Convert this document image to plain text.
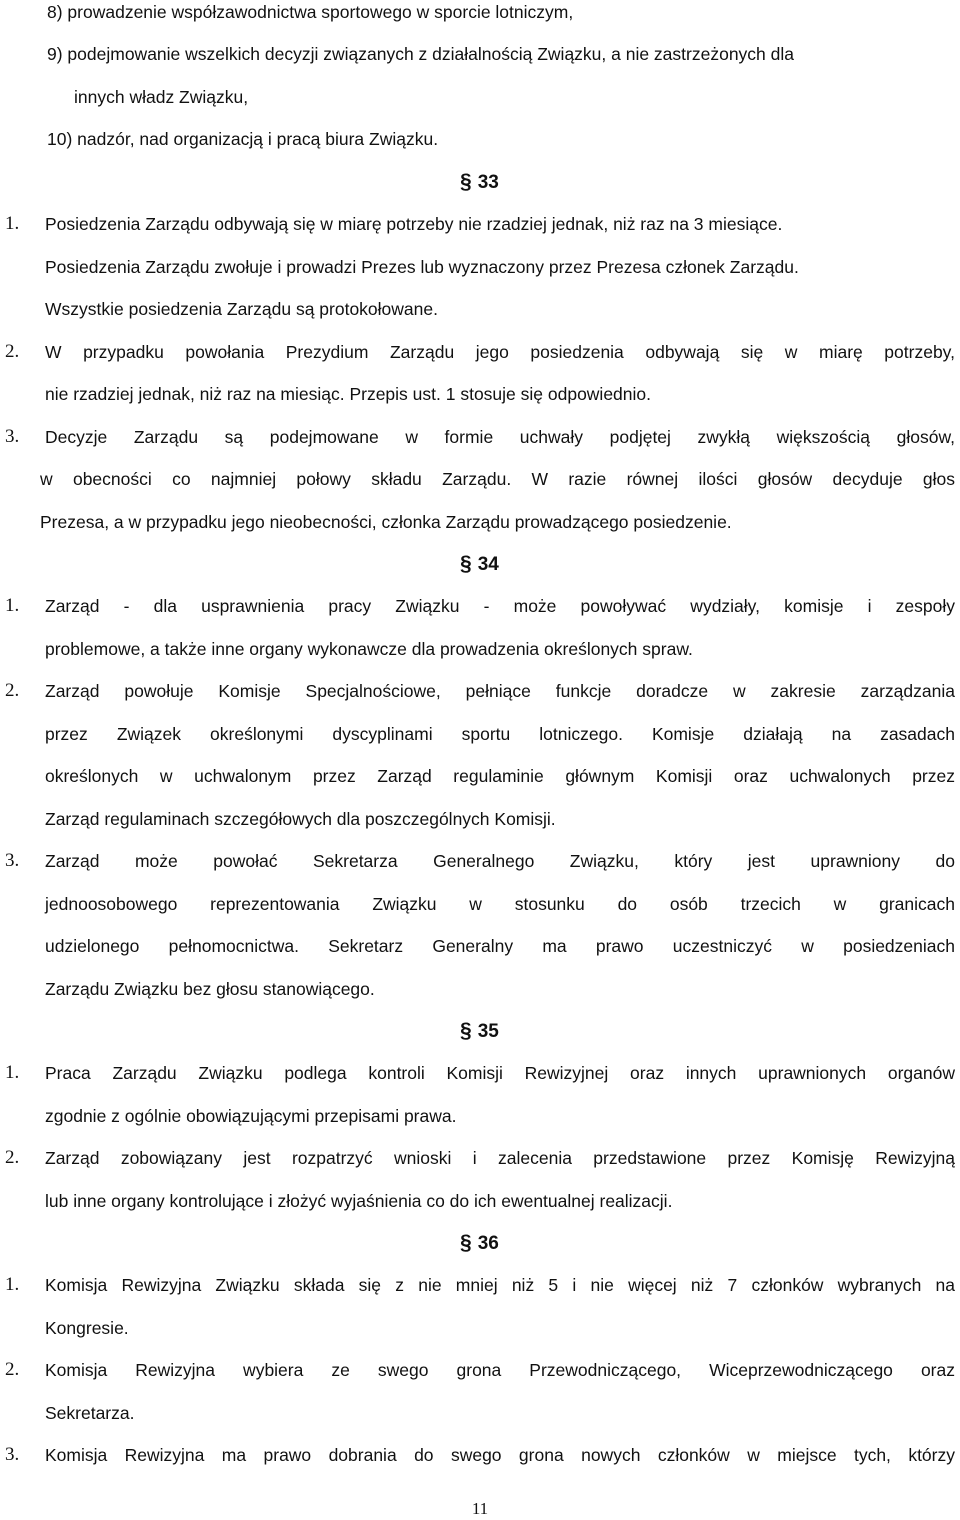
8) prowadzenie współzawodnictwa sportowego w sporcie lotniczym,
9) podejmowanie wszelkich decyzji związanych z działalnością Związku, a nie zastrzeżonych dla
innych władz Związku,
10) nadzór, nad organizacją i pracą biura Związku.
§ 33
1. Posiedzenia Zarządu odbywają się w miarę potrzeby nie rzadziej jednak, niż raz na 3 miesiące.
Posiedzenia Zarządu zwołuje i prowadzi Prezes lub wyznaczony przez Prezesa członek Zarządu.
Wszystkie posiedzenia Zarządu są protokołowane.
2. W przypadku powołania Prezydium Zarządu jego posiedzenia odbywają się w miarę potrzeby,
nie rzadziej jednak, niż raz na miesiąc. Przepis ust. 1 stosuje się odpowiednio.
3. Decyzje Zarządu są podejmowane w formie uchwały podjętej zwykłą większością głosów,
w obecności co najmniej połowy składu Zarządu. W razie równej ilości głosów decyduje głos
Prezesa, a w przypadku jego nieobecności, członka Zarządu prowadzącego posiedzenie.
§ 34
1. Zarząd - dla usprawnienia pracy Związku - może powoływać wydziały, komisje i zespoły
problemowe, a także inne organy wykonawcze dla prowadzenia określonych spraw.
2. Zarząd powołuje Komisje Specjalnościowe, pełniące funkcje doradcze w zakresie zarządzania
przez Związek określonymi dyscyplinami sportu lotniczego. Komisje działają na zasadach
określonych w uchwalonym przez Zarząd regulaminie głównym Komisji oraz uchwalonych przez
Zarząd regulaminach szczegółowych dla poszczególnych Komisji.
3. Zarząd może powołać Sekretarza Generalnego Związku, który jest uprawniony do
jednoosobowego reprezentowania Związku w stosunku do osób trzecich w granicach
udzielonego pełnomocnictwa. Sekretarz Generalny ma prawo uczestniczyć w posiedzeniach
Zarządu Związku bez głosu stanowiącego.
§ 35
1. Praca Zarządu Związku podlega kontroli Komisji Rewizyjnej oraz innych uprawnionych organów
zgodnie z ogólnie obowiązującymi przepisami prawa.
2. Zarząd zobowiązany jest rozpatrzyć wnioski i zalecenia przedstawione przez Komisję Rewizyjną
lub inne organy kontrolujące i złożyć wyjaśnienia co do ich ewentualnej realizacji.
§ 36
1. Komisja Rewizyjna Związku składa się z nie mniej niż 5 i nie więcej niż 7 członków wybranych na
Kongresie.
2. Komisja Rewizyjna wybiera ze swego grona Przewodniczącego, Wiceprzewodniczącego oraz
Sekretarza.
3. Komisja Rewizyjna ma prawo dobrania do swego grona nowych członków w miejsce tych, którzy
11
